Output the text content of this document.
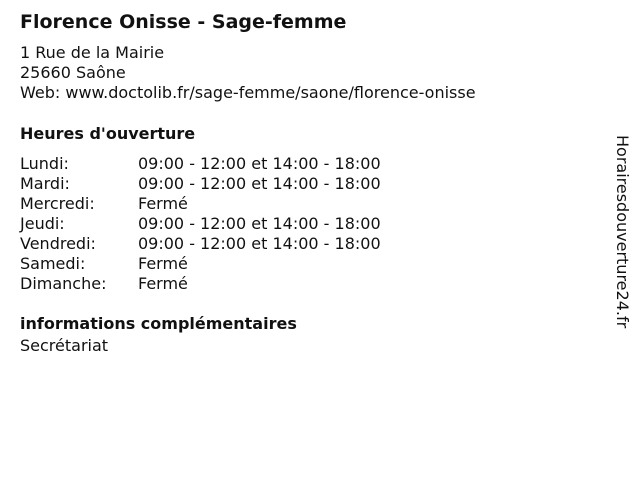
Florence Onisse - Sage-femme
1 Rue de la Mairie
25660 Saône
Web: www.doctolib.fr/sage-femme/saone/florence-onisse
Heures d'ouverture
Lundi:	09:00 - 12:00 et 14:00 - 18:00
Mardi:	09:00 - 12:00 et 14:00 - 18:00
Mercredi:	Fermé
Jeudi:	09:00 - 12:00 et 14:00 - 18:00
Vendredi:	09:00 - 12:00 et 14:00 - 18:00
Samedi:	Fermé
Dimanche: Fermé
informations complémentaires

Secrétariat

Horairesdouverture24.fr
